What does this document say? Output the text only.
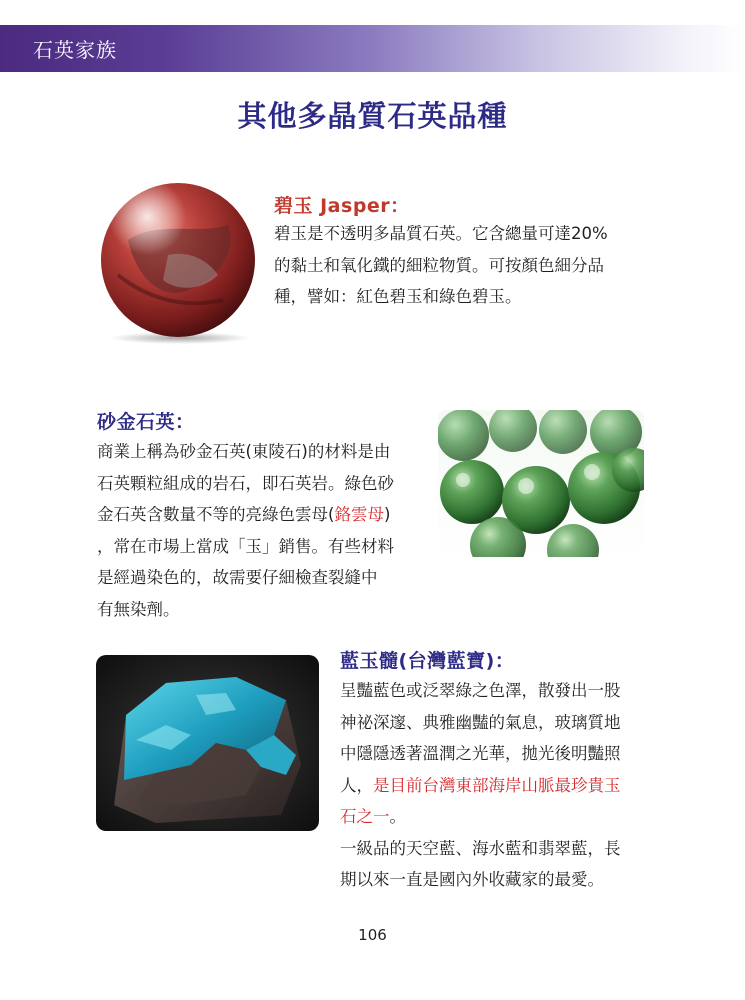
石英家族
其他多晶質石英品種
碧玉 Jasper：
碧玉是不透明多晶質石英。它含總量可達20%
的黏土和氧化鐵的細粒物質。可按顏色細分品
種，譬如：紅色碧玉和綠色碧玉。
砂金石英：
商業上稱為砂金石英(東陵石)的材料是由
石英顆粒組成的岩石，即石英岩。綠色砂
金石英含數量不等的亮綠色雲母(鉻雲母)
，常在市場上當成「玉」銷售。有些材料
是經過染色的，故需要仔細檢查裂縫中
有無染劑。
藍玉髓(台灣藍寶)：
呈豔藍色或泛翠綠之色澤，散發出一股
神祕深邃、典雅幽豔的氣息，玻璃質地
中隱隱透著溫潤之光華，拋光後明豔照
人，是目前台灣東部海岸山脈最珍貴玉
石之一。
一級品的天空藍、海水藍和翡翠藍，長
期以來一直是國內外收藏家的最愛。
106
